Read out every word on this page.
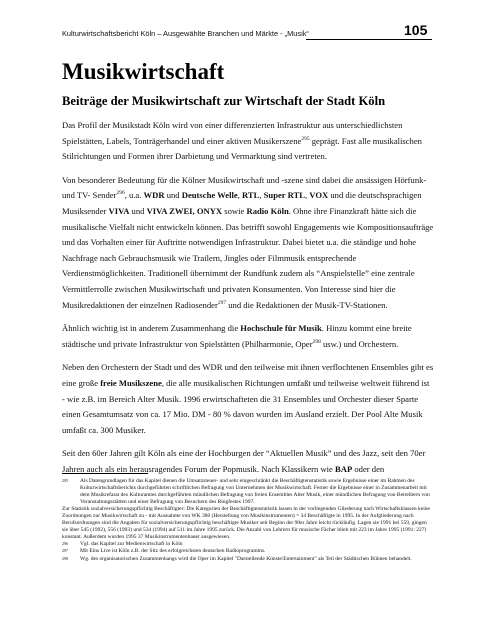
Kulturwirtschaftsbericht Köln – Ausgewählte Branchen und Märkte - „Musik“	105
Musikwirtschaft
Beiträge der Musikwirtschaft zur Wirtschaft der Stadt Köln

Das Profil der Musikstadt Köln wird von einer differenzierten Infrastruktur aus unterschiedlichsten Spielstätten, Labels, Tonträgerhandel und einer aktiven Musikerszene$^{295}$ geprägt. Fast alle musikalischen Stilrichtungen und Formen ihrer Darbietung und Vermarktung sind vertreten.

Von besonderer Bedeutung für die Kölner Musikwirtschaft und -szene sind dabei die ansässigen Hörfunk- und TV- Sender$^{296}$, u.a. WDR und Deutsche Welle, RTL, Super RTL, VOX und die deutschsprachigen Musiksender VIVA und VIVA ZWEI, ONYX sowie Radio Köln. Ohne ihre Finanzkraft hätte sich die musikalische Vielfalt nicht entwickeln können. Das betrifft sowohl Engagements wie Kompositionsaufträge und das Vorhalten einer für Auftritte notwendigen Infrastruktur. Dabei bietet u.a. die ständige und hohe Nachfrage nach Gebrauchsmusik wie Trailern, Jingles oder Filmmusik entsprechende Verdienstmöglichkeiten. Traditionell übernimmt der Rundfunk zudem als “Anspielstelle” eine zentrale Vermittlerrolle zwischen Musikwirtschaft und privaten Konsumenten. Von Interesse sind hier die Musikredaktionen der einzelnen Radiosender$^{297}$ und die Redaktionen der Musik-TV-Stationen.

Ähnlich wichtig ist in anderem Zusammenhang die Hochschule für Musik. Hinzu kommt eine breite städtische und private Infrastruktur von Spielstätten (Philharmonie, Oper$^{298}$ usw.) und Orchestern.

Neben den Orchestern der Stadt und des WDR und den teilweise mit ihnen verflochtenen Ensembles gibt es eine große freie Musikszene, die alle musikalischen Richtungen umfaßt und teilweise weltweit führend ist - wie z.B. im Bereich Alter Musik. 1996 erwirtschafteten die 31 Ensembles und Orchester dieser Sparte einen Gesamtumsatz von ca. 17 Mio. DM - 80 % davon wurden im Ausland erzielt. Der Pool Alte Musik umfaßt ca. 300 Musiker.

Seit den 60er Jahren gilt Köln als eine der Hochburgen der “Aktuellen Musik” und des Jazz, seit den 70er Jahren auch als ein herausragendes Forum der Popmusik. Nach Klassikern wie BAP oder den

295 Als Datengrundlagen für das Kapitel dienen die Umsatzsteuer- und sehr eingeschränkt die Beschäftigtenstatistik sowie Ergebnisse einer im Rahmen des Kulturwirtschaftsberichts durchgeführten schriftlichen Befragung von Unternehmen der Musikwirtschaft. Ferner die Ergebnisse einer in Zusammenarbeit mit dem Musikrefarat des Kulturamtes durchgeführten mündlichen Befragung von freien Ensembles Alter Musik, einer mündlichen Befragung von Betreibern von Veranstaltungsstätten und einer Befragung von Besuchern des Ringfestes 1997.
Zur Statistik sozialversicherungspflichtig Beschäftigter: Die Kategorien der Beschäftigtenstatistik lassen in der vorliegenden Gliederung nach Wirtschaftsklassen keine Zuordnungen zur Musikwirtschaft zu - mit Ausnahme von WK 380 (Herstellung von Musikinstrumenten) = 34 Beschäftigte in 1995. In der Aufgliederung nach Berufsordnungen sind die Angaben für sozialversicherungspflichtig beschäftigte Musiker seit Beginn der 90er Jahre leicht rückläufig. Lagen sie 1991 bei 559, gingen sie über 545 (1992), 556 (1993) und 534 (1994) auf 511 im Jahre 1995 zurück. Die Anzahl von Lehrern für musische Fächer blieb mit 223 im Jahre 1995 (1991: 227) konstant. Außerdem wurden 1995 37 Musikinstrumentenbauer ausgewiesen.
296 Vgl. das Kapitel zur Medienwirtschaft in Köln
297 Mit Eins Live ist Köln z.B. der Sitz des erfolgreichsten deutschen Radioprogramms.
298 Wg. des organisatorischen Zusammenhangs wird die Oper im Kapitel "Darstellende Künste/Entertainment" als Teil der Städtischen Bühnen behandelt.
